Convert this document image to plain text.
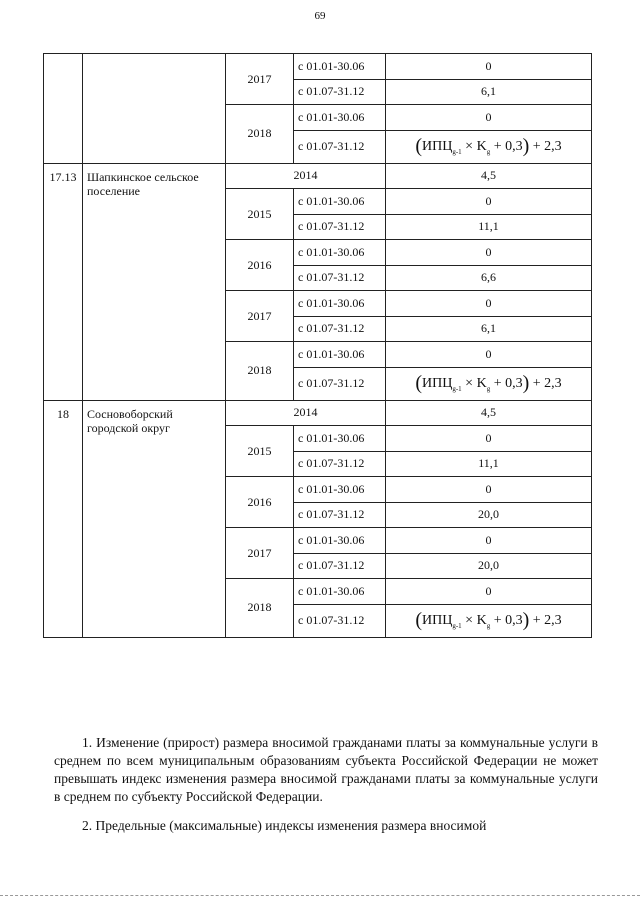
69
		2017	с 01.01-30.06	0
			с 01.07-31.12	6,1
		2018	с 01.01-30.06	0
			с 01.07-31.12	$(ИПЦ_{g-1} \times K_g + 0,3) + 2,3$
17.13	Шапкинское сельское поселение	2014		4,5
		2015	с 01.01-30.06	0
			с 01.07-31.12	11,1
		2016	с 01.01-30.06	0
			с 01.07-31.12	6,6
		2017	с 01.01-30.06	0
			с 01.07-31.12	6,1
		2018	с 01.01-30.06	0
			с 01.07-31.12	$(ИПЦ_{g-1} \times K_g + 0,3) + 2,3$
18	Сосновоборский городской округ	2014		4,5
		2015	с 01.01-30.06	0
			с 01.07-31.12	11,1
		2016	с 01.01-30.06	0
			с 01.07-31.12	20,0
		2017	с 01.01-30.06	0
			с 01.07-31.12	20,0
		2018	с 01.01-30.06	0
			с 01.07-31.12	$(ИПЦ_{g-1} \times K_g + 0,3) + 2,3$

1. Изменение (прирост) размера вносимой гражданами платы за коммунальные услуги в среднем по всем муниципальным образованиям субъекта Российской Федерации не может превышать индекс изменения размера вносимой гражданами платы за коммунальные услуги в среднем по субъекту Российской Федерации.

2. Предельные (максимальные) индексы изменения размера вносимой
